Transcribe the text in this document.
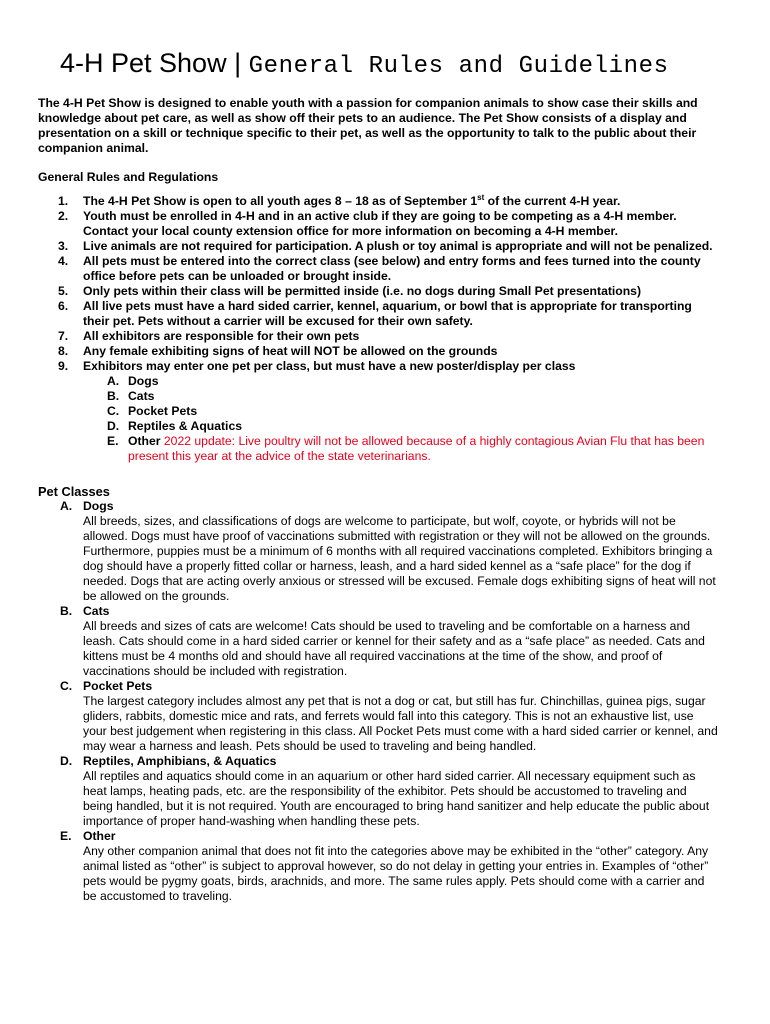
4-H Pet Show | General Rules and Guidelines

The 4-H Pet Show is designed to enable youth with a passion for companion animals to show case their skills and knowledge about pet care, as well as show off their pets to an audience. The Pet Show consists of a display and presentation on a skill or technique specific to their pet, as well as the opportunity to talk to the public about their companion animal.

General Rules and Regulations

1. The 4-H Pet Show is open to all youth ages 8 – 18 as of September 1st of the current 4-H year.
2. Youth must be enrolled in 4-H and in an active club if they are going to be competing as a 4-H member. Contact your local county extension office for more information on becoming a 4-H member.
3. Live animals are not required for participation. A plush or toy animal is appropriate and will not be penalized.
4. All pets must be entered into the correct class (see below) and entry forms and fees turned into the county office before pets can be unloaded or brought inside.
5. Only pets within their class will be permitted inside (i.e. no dogs during Small Pet presentations)
6. All live pets must have a hard sided carrier, kennel, aquarium, or bowl that is appropriate for transporting their pet. Pets without a carrier will be excused for their own safety.
7. All exhibitors are responsible for their own pets
8. Any female exhibiting signs of heat will NOT be allowed on the grounds
9. Exhibitors may enter one pet per class, but must have a new poster/display per class
A. Dogs
B. Cats
C. Pocket Pets
D. Reptiles & Aquatics
E. Other 2022 update: Live poultry will not be allowed because of a highly contagious Avian Flu that has been present this year at the advice of the state veterinarians.

Pet Classes

A. Dogs
All breeds, sizes, and classifications of dogs are welcome to participate, but wolf, coyote, or hybrids will not be allowed. Dogs must have proof of vaccinations submitted with registration or they will not be allowed on the grounds. Furthermore, puppies must be a minimum of 6 months with all required vaccinations completed. Exhibitors bringing a dog should have a properly fitted collar or harness, leash, and a hard sided kennel as a “safe place” for the dog if needed. Dogs that are acting overly anxious or stressed will be excused. Female dogs exhibiting signs of heat will not be allowed on the grounds.
B. Cats
All breeds and sizes of cats are welcome! Cats should be used to traveling and be comfortable on a harness and leash. Cats should come in a hard sided carrier or kennel for their safety and as a “safe place” as needed. Cats and kittens must be 4 months old and should have all required vaccinations at the time of the show, and proof of vaccinations should be included with registration.
C. Pocket Pets
The largest category includes almost any pet that is not a dog or cat, but still has fur. Chinchillas, guinea pigs, sugar gliders, rabbits, domestic mice and rats, and ferrets would fall into this category. This is not an exhaustive list, use your best judgement when registering in this class. All Pocket Pets must come with a hard sided carrier or kennel, and may wear a harness and leash. Pets should be used to traveling and being handled.
D. Reptiles, Amphibians, & Aquatics
All reptiles and aquatics should come in an aquarium or other hard sided carrier. All necessary equipment such as heat lamps, heating pads, etc. are the responsibility of the exhibitor. Pets should be accustomed to traveling and being handled, but it is not required. Youth are encouraged to bring hand sanitizer and help educate the public about importance of proper hand-washing when handling these pets.
E. Other
Any other companion animal that does not fit into the categories above may be exhibited in the “other” category. Any animal listed as “other” is subject to approval however, so do not delay in getting your entries in. Examples of “other” pets would be pygmy goats, birds, arachnids, and more. The same rules apply. Pets should come with a carrier and be accustomed to traveling.
